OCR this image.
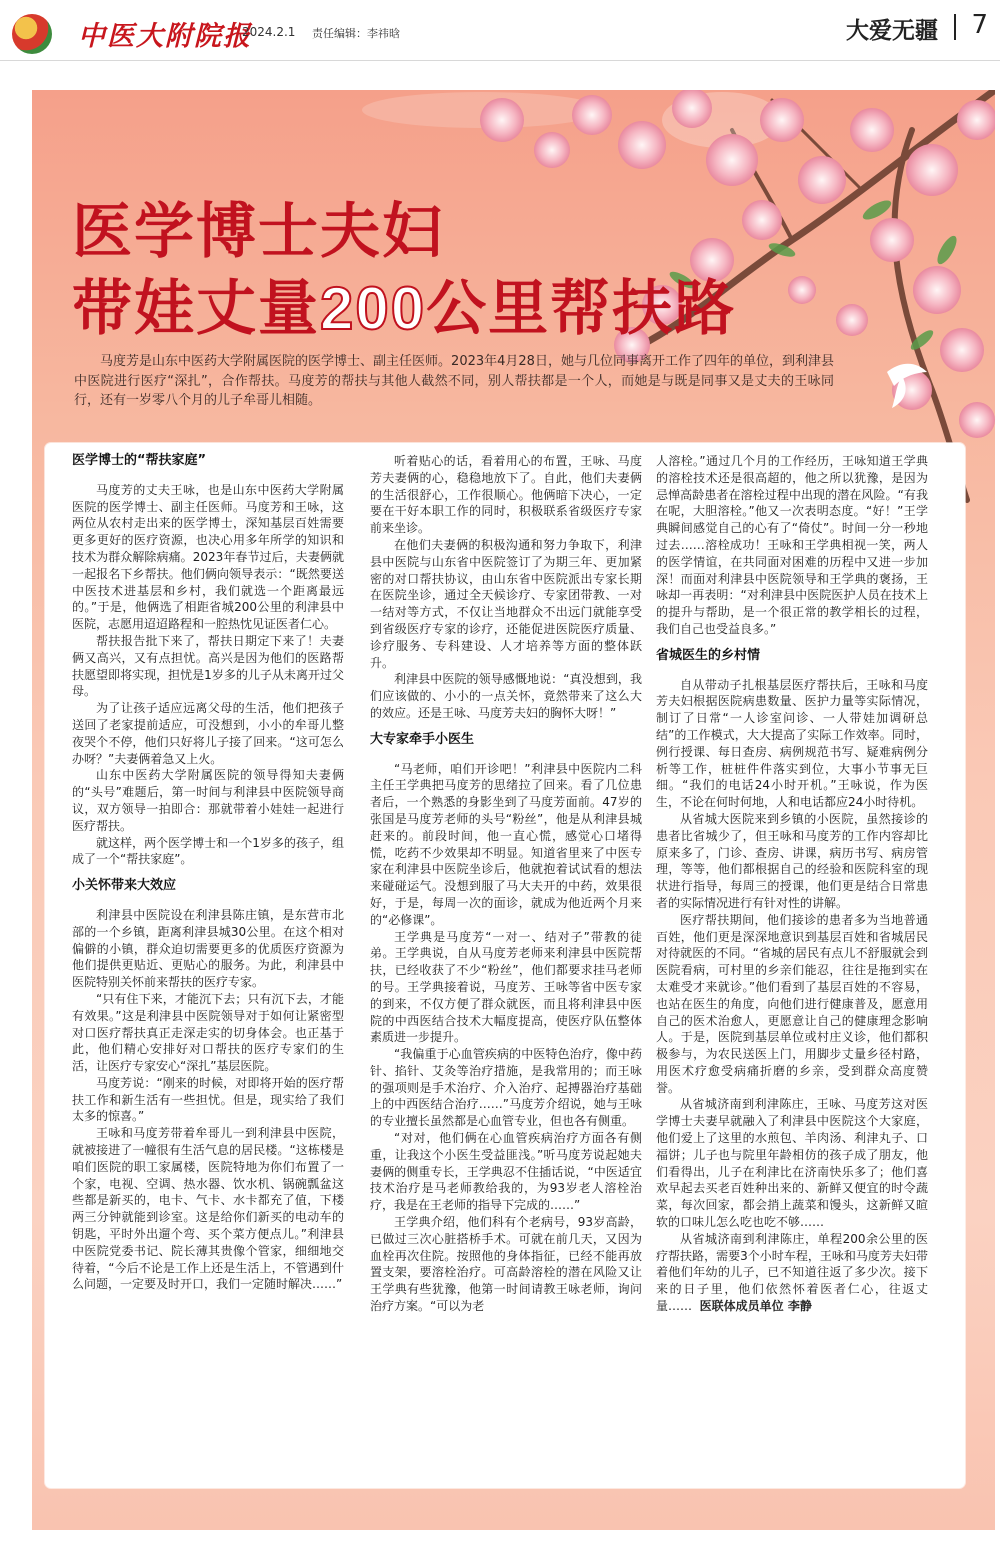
中医大附院报
2024.2.1 责任编辑：李祎晗	大爱无疆 7
医学博士夫妇
带娃丈量200公里帮扶路
马度芳是山东中医药大学附属医院的医学博士、副主任医师。2023年4月28日，她与几位同事离开工作了四年的单位，到利津县中医院进行医疗“深扎”，合作帮扶。马度芳的帮扶与其他人截然不同，别人帮扶都是一个人，而她是与既是同事又是丈夫的王咏同行，还有一岁零八个月的儿子牟哥儿相随。
医学博士的“帮扶家庭”

马度芳的丈夫王咏，也是山东中医药大学附属医院的医学博士、副主任医师。马度芳和王咏，这两位从农村走出来的医学博士，深知基层百姓需要更多更好的医疗资源，也决心用多年所学的知识和技术为群众解除病痛。2023年春节过后，夫妻俩就一起报名下乡帮扶。他们俩向领导表示：“既然要送中医技术进基层和乡村，我们就选一个距离最远的。”于是，他俩选了相距省城200公里的利津县中医院，志愿用迢迢路程和一腔热忱见证医者仁心。

帮扶报告批下来了，帮扶日期定下来了！夫妻俩又高兴，又有点担忧。高兴是因为他们的医路帮扶愿望即将实现，担忧是1岁多的儿子从未离开过父母。

为了让孩子适应远离父母的生活，他们把孩子送回了老家提前适应，可没想到，小小的牟哥儿整夜哭个不停，他们只好将儿子接了回来。“这可怎么办呀？”夫妻俩着急又上火。

山东中医药大学附属医院的领导得知夫妻俩的“头号”难题后，第一时间与利津县中医院领导商议，双方领导一拍即合：那就带着小娃娃一起进行医疗帮扶。

就这样，两个医学博士和一个1岁多的孩子，组成了一个“帮扶家庭”。

小关怀带来大效应

利津县中医院设在利津县陈庄镇，是东营市北部的一个乡镇，距离利津县城30公里。在这个相对偏僻的小镇，群众迫切需要更多的优质医疗资源为他们提供更贴近、更贴心的服务。为此，利津县中医院特别关怀前来帮扶的医疗专家。

“只有住下来，才能沉下去；只有沉下去，才能有效果。”这是利津县中医院领导对于如何让紧密型对口医疗帮扶真正走深走实的切身体会。也正基于此，他们精心安排好对口帮扶的医疗专家们的生活，让医疗专家安心“深扎”基层医院。

马度芳说：“刚来的时候，对即将开始的医疗帮扶工作和新生活有一些担忧。但是，现实给了我们太多的惊喜。”

王咏和马度芳带着牟哥儿一到利津县中医院，就被接进了一幢很有生活气息的居民楼。“这栋楼是咱们医院的职工家属楼，医院特地为你们布置了一个家，电视、空调、热水器、饮水机、锅碗瓢盆这些都是新买的，电卡、气卡、水卡都充了值，下楼两三分钟就能到诊室。这是给你们新买的电动车的钥匙，平时外出遛个弯、买个菜方便点儿。”利津县中医院党委书记、院长薄其贵像个管家，细细地交待着，“今后不论是工作上还是生活上，不管遇到什么问题，一定要及时开口，我们一定随时解决……”

听着贴心的话，看着用心的布置，王咏、马度芳夫妻俩的心，稳稳地放下了。自此，他们夫妻俩的生活很舒心，工作很顺心。他俩暗下决心，一定要在干好本职工作的同时，积极联系省级医疗专家前来坐诊。

在他们夫妻俩的积极沟通和努力争取下，利津县中医院与山东省中医院签订了为期三年、更加紧密的对口帮扶协议，由山东省中医院派出专家长期在医院坐诊，通过全天候诊疗、专家团带教、一对一结对等方式，不仅让当地群众不出远门就能享受到省级医疗专家的诊疗，还能促进医院医疗质量、诊疗服务、专科建设、人才培养等方面的整体跃升。

利津县中医院的领导感慨地说：“真没想到，我们应该做的、小小的一点关怀，竟然带来了这么大的效应。还是王咏、马度芳夫妇的胸怀大呀！”

大专家牵手小医生

“马老师，咱们开诊吧！”利津县中医院内二科主任王学典把马度芳的思绪拉了回来。看了几位患者后，一个熟悉的身影坐到了马度芳面前。47岁的张国是马度芳老师的头号“粉丝”，他是从利津县城赶来的。前段时间，他一直心慌，感觉心口堵得慌，吃药不少效果却不明显。知道省里来了中医专家在利津县中医院坐诊后，他就抱着试试看的想法来碰碰运气。没想到服了马大夫开的中药，效果很好，于是，每周一次的面诊，就成为他近两个月来的“必修课”。

王学典是马度芳“一对一、结对子”带教的徒弟。王学典说，自从马度芳老师来利津县中医院帮扶，已经收获了不少“粉丝”，他们都要求挂马老师的号。王学典接着说，马度芳、王咏等省中医专家的到来，不仅方便了群众就医，而且将利津县中医院的中西医结合技术大幅度提高，使医疗队伍整体素质进一步提升。

“我偏重于心血管疾病的中医特色治疗，像中药针、掐针、艾灸等治疗措施，是我常用的；而王咏的强项则是手术治疗、介入治疗、起搏器治疗基础上的中西医结合治疗……”马度芳介绍说，她与王咏的专业擅长虽然都是心血管专业，但也各有侧重。

“对对，他们俩在心血管疾病治疗方面各有侧重，让我这个小医生受益匪浅。”听马度芳说起她夫妻俩的侧重专长，王学典忍不住插话说，“中医适宜技术治疗是马老师教给我的，为93岁老人溶栓治疗，我是在王老师的指导下完成的……”

王学典介绍，他们科有个老病号，93岁高龄，已做过三次心脏搭桥手术。可就在前几天，又因为血栓再次住院。按照他的身体指征，已经不能再放置支架，要溶栓治疗。可高龄溶栓的潜在风险又让王学典有些犹豫，他第一时间请教王咏老师，询问治疗方案。“可以为老

人溶栓。”通过几个月的工作经历，王咏知道王学典的溶栓技术还是很高超的，他之所以犹豫，是因为忌惮高龄患者在溶栓过程中出现的潜在风险。“有我在呢，大胆溶栓。”他又一次表明态度。“好！”王学典瞬间感觉自己的心有了“倚仗”。时间一分一秒地过去……溶栓成功！王咏和王学典相视一笑，两人的医学情谊，在共同面对困难的历程中又进一步加深！而面对利津县中医院领导和王学典的褒扬，王咏却一再表明：“对利津县中医院医护人员在技术上的提升与帮助，是一个很正常的教学相长的过程，我们自己也受益良多。”

省城医生的乡村情

自从带动子扎根基层医疗帮扶后，王咏和马度芳夫妇根据医院病患数量、医护力量等实际情况，制订了日常“一人诊室问诊、一人带娃加调研总结”的工作模式，大大提高了实际工作效率。同时，例行授课、每日查房、病例规范书写、疑难病例分析等工作，桩桩件件落实到位，大事小节事无巨细。“我们的电话24小时开机。”王咏说，作为医生，不论在何时何地，人和电话都应24小时待机。

从省城大医院来到乡镇的小医院，虽然接诊的患者比省城少了，但王咏和马度芳的工作内容却比原来多了，门诊、查房、讲课，病历书写、病房管理，等等，他们都根据自己的经验和医院科室的现状进行指导，每周三的授课，他们更是结合日常患者的实际情况进行有针对性的讲解。

医疗帮扶期间，他们接诊的患者多为当地普通百姓，他们更是深深地意识到基层百姓和省城居民对待就医的不同。“省城的居民有点儿不舒服就会到医院看病，可村里的乡亲们能忍，往往是拖到实在太难受才来就诊。”他们看到了基层百姓的不容易，也站在医生的角度，向他们进行健康普及，愿意用自己的医术治愈人，更愿意让自己的健康理念影响人。于是，医院到基层单位或村庄义诊，他们都积极参与，为农民送医上门，用脚步丈量乡径村路，用医术疗愈受病痛折磨的乡亲，受到群众高度赞誉。

从省城济南到利津陈庄，王咏、马度芳这对医学博士夫妻早就融入了利津县中医院这个大家庭，他们爱上了这里的水煎包、羊肉汤、利津丸子、口福饼；儿子也与院里年龄相仿的孩子成了朋友，他们看得出，儿子在利津比在济南快乐多了；他们喜欢早起去买老百姓种出来的、新鲜又便宜的时令蔬菜，每次回家，都会捎上蔬菜和馒头，这新鲜又暄软的口味儿怎么吃也吃不够……

从省城济南到利津陈庄，单程200余公里的医疗帮扶路，需要3个小时车程，王咏和马度芳夫妇带着他们年幼的儿子，已不知道往返了多少次。接下来的日子里，他们依然怀着医者仁心，往返丈量…… 医联体成员单位 李静
